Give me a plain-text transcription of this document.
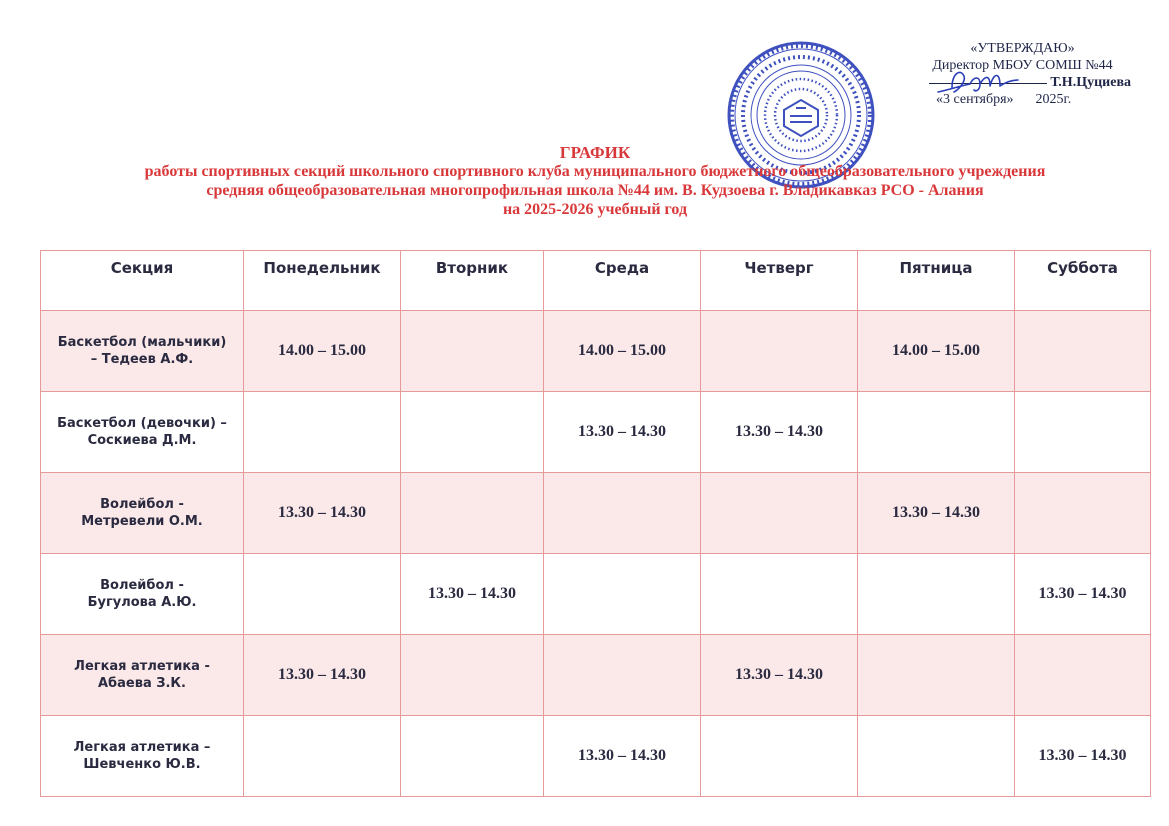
«УТВЕРЖДАЮ»
Директор МБОУ СОМШ №44
Т.Н.Цуциева
«3 сентября» 2025г.
ГРАФИК
работы спортивных секций школьного спортивного клуба муниципального бюджетного общеобразовательного учреждения
средняя общеобразовательная многопрофильная школа №44 им. В. Кудзоева г. Владикавказ РСО - Алания
на 2025-2026 учебный год
Секция	Понедельник	Вторник	Среда	Четверг	Пятница	Суббота
Баскетбол (мальчики)
– Тедеев А.Ф.	14.00 – 15.00		14.00 – 15.00		14.00 – 15.00	
Баскетбол (девочки) –
Соскиева Д.М.			13.30 – 14.30	13.30 – 14.30		
Волейбол -
Метревели О.М.	13.30 – 14.30				13.30 – 14.30	
Волейбол -
Бугулова А.Ю.		13.30 – 14.30				13.30 – 14.30
Легкая атлетика -
Абаева З.К.	13.30 – 14.30			13.30 – 14.30		
Легкая атлетика –
Шевченко Ю.В.			13.30 – 14.30			13.30 – 14.30
